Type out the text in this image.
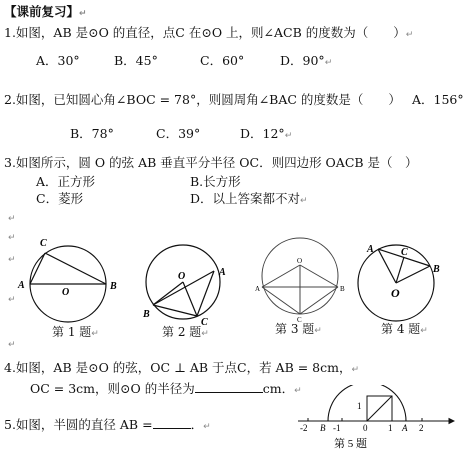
【课前复习】↵
1.如图，AB 是⊙O 的直径，点C 在⊙O 上，则∠ACB 的度数为（　　）↵
A．30°	B．45°	C．60°	D．90°↵
2.如图，已知圆心角∠BOC = 78°，则圆周角∠BAC 的度数是（　　） A．156°
B．78°	C．39°	D．12°↵
3.如图所示，圆 O 的弦 AB 垂直平分半径 OC．则四边形 OACB 是（　）
A．正方形	B.长方形
C．菱形	D．以上答案都不对↵
↵
↵
↵
↵
↵
C
A
O
B
O	A
B
C
O
A	B
C
A	C
B
O
第 1 题↵	第 2 题↵	第 3 题↵	第 4 题↵
4.如图，AB 是⊙O 的弦，OC ⊥ AB 于点C，若 AB = 8cm，↵
OC = 3cm，则⊙O 的半径为	cm．↵
5.如图，半圆的直径 AB =	．↵
1
-2 B -1	0 1 A 2
第 5 题
